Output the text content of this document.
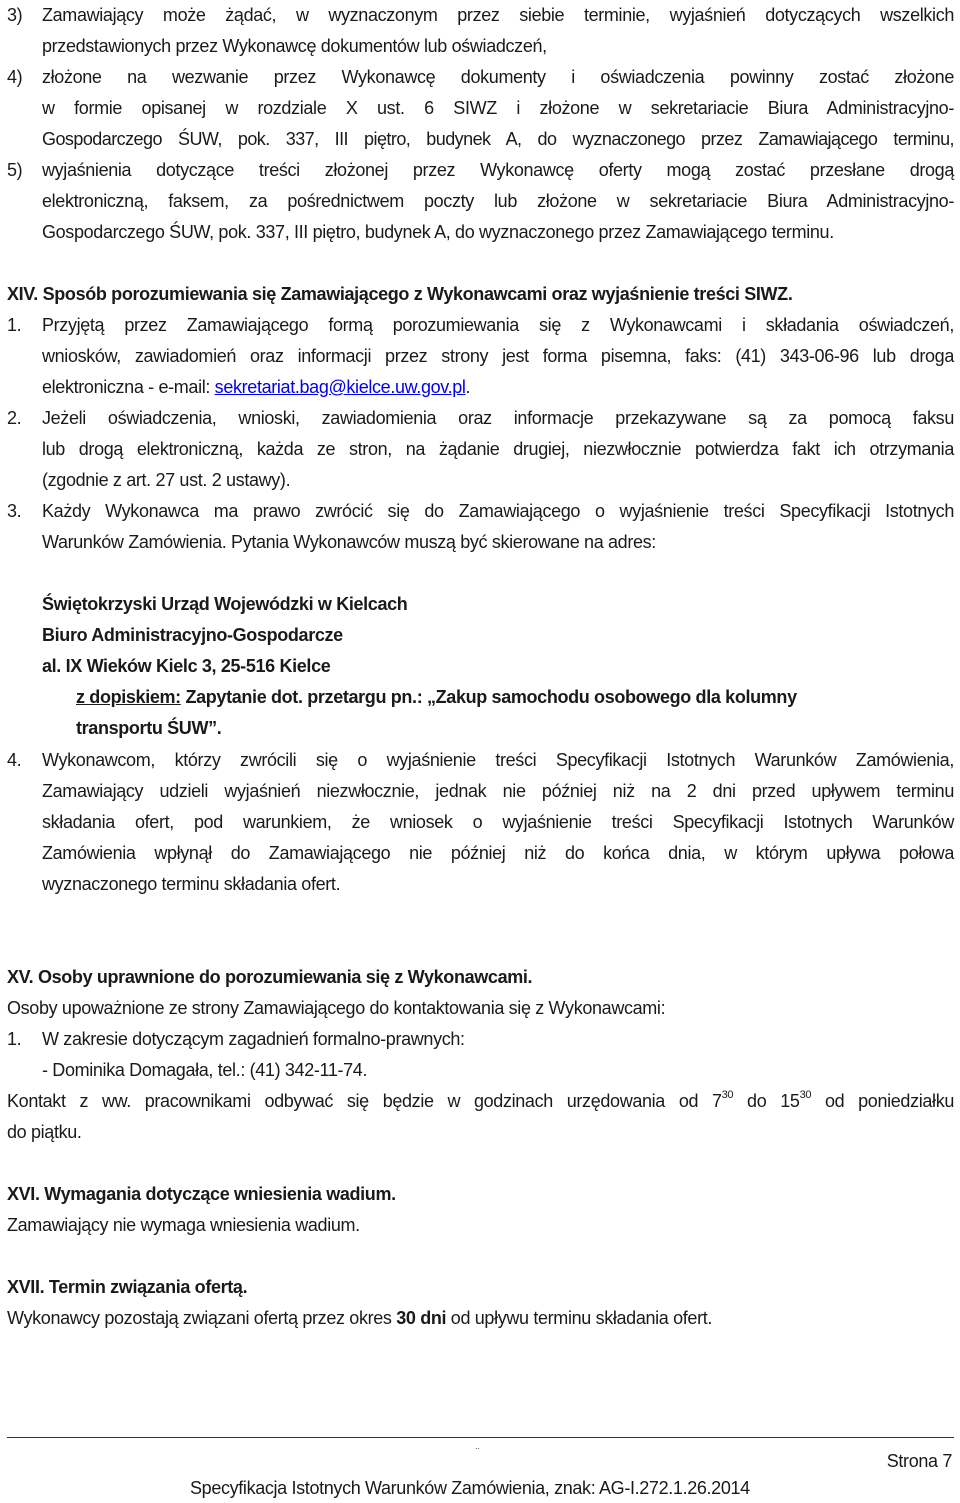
3)	Zamawiający może żądać, w wyznaczonym przez siebie terminie, wyjaśnień dotyczących wszelkich
przedstawionych przez Wykonawcę dokumentów lub oświadczeń,
4)	złożone na wezwanie przez Wykonawcę dokumenty i oświadczenia powinny zostać złożone
w formie opisanej w rozdziale X ust. 6 SIWZ i złożone w sekretariacie Biura Administracyjno-
Gospodarczego ŚUW, pok. 337, III piętro, budynek A, do wyznaczonego przez Zamawiającego terminu,
5)	wyjaśnienia dotyczące treści złożonej przez Wykonawcę oferty mogą zostać przesłane drogą
elektroniczną, faksem, za pośrednictwem poczty lub złożone w sekretariacie Biura Administracyjno-
Gospodarczego ŚUW, pok. 337, III piętro, budynek A, do wyznaczonego przez Zamawiającego terminu.
XIV. Sposób porozumiewania się Zamawiającego z Wykonawcami oraz wyjaśnienie treści SIWZ.
1.	Przyjętą przez Zamawiającego formą porozumiewania się z Wykonawcami i składania oświadczeń,
wniosków, zawiadomień oraz informacji przez strony jest forma pisemna, faks: (41) 343-06-96 lub droga
elektroniczna - e-mail: sekretariat.bag@kielce.uw.gov.pl.
2.	Jeżeli oświadczenia, wnioski, zawiadomienia oraz informacje przekazywane są za pomocą faksu
lub drogą elektroniczną, każda ze stron, na żądanie drugiej, niezwłocznie potwierdza fakt ich otrzymania
(zgodnie z art. 27 ust. 2 ustawy).
3.	Każdy Wykonawca ma prawo zwrócić się do Zamawiającego o wyjaśnienie treści Specyfikacji Istotnych
Warunków Zamówienia. Pytania Wykonawców muszą być skierowane na adres:
Świętokrzyski Urząd Wojewódzki w Kielcach
Biuro Administracyjno-Gospodarcze
al. IX Wieków Kielc 3, 25-516 Kielce
z dopiskiem: Zapytanie dot. przetargu pn.: „Zakup samochodu osobowego dla kolumny
transportu ŚUW”.
4.	Wykonawcom, którzy zwrócili się o wyjaśnienie treści Specyfikacji Istotnych Warunków Zamówienia,
Zamawiający udzieli wyjaśnień niezwłocznie, jednak nie później niż na 2 dni przed upływem terminu
składania ofert, pod warunkiem, że wniosek o wyjaśnienie treści Specyfikacji Istotnych Warunków
Zamówienia wpłynął do Zamawiającego nie później niż do końca dnia, w którym upływa połowa
wyznaczonego terminu składania ofert.
XV. Osoby uprawnione do porozumiewania się z Wykonawcami.
Osoby upoważnione ze strony Zamawiającego do kontaktowania się z Wykonawcami:
1.	W zakresie dotyczącym zagadnień formalno-prawnych:
- Dominika Domagała, tel.: (41) 342-11-74.
Kontakt z ww. pracownikami odbywać się będzie w godzinach urzędowania od $7^{30}$ do $15^{30}$ od poniedziałku
do piątku.
XVI. Wymagania dotyczące wniesienia wadium.
Zamawiający nie wymaga wniesienia wadium.
XVII. Termin związania ofertą.
Wykonawcy pozostają związani ofertą przez okres 30 dni od upływu terminu składania ofert.
..
Strona 7
Specyfikacja Istotnych Warunków Zamówienia, znak: AG-I.272.1.26.2014
